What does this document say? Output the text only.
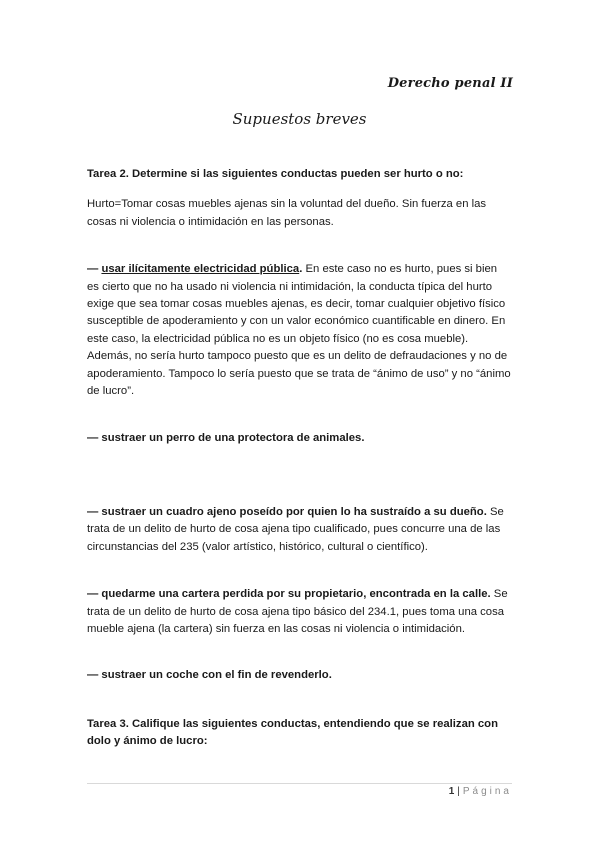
Derecho penal II
Supuestos breves

Tarea 2. Determine si las siguientes conductas pueden ser hurto o no:

Hurto=Tomar cosas muebles ajenas sin la voluntad del dueño. Sin fuerza en las cosas ni violencia o intimidación en las personas.

— usar ilícitamente electricidad pública. En este caso no es hurto, pues si bien es cierto que no ha usado ni violencia ni intimidación, la conducta típica del hurto exige que sea tomar cosas muebles ajenas, es decir, tomar cualquier objetivo físico susceptible de apoderamiento y con un valor económico cuantificable en dinero. En este caso, la electricidad pública no es un objeto físico (no es cosa mueble). Además, no sería hurto tampoco puesto que es un delito de defraudaciones y no de apoderamiento. Tampoco lo sería puesto que se trata de “ánimo de uso” y no “ánimo de lucro”.

— sustraer un perro de una protectora de animales.

— sustraer un cuadro ajeno poseído por quien lo ha sustraído a su dueño. Se trata de un delito de hurto de cosa ajena tipo cualificado, pues concurre una de las circunstancias del 235 (valor artístico, histórico, cultural o científico).

— quedarme una cartera perdida por su propietario, encontrada en la calle. Se trata de un delito de hurto de cosa ajena tipo básico del 234.1, pues toma una cosa mueble ajena (la cartera) sin fuerza en las cosas ni violencia o intimidación.

— sustraer un coche con el fin de revenderlo.

Tarea 3. Califique las siguientes conductas, entendiendo que se realizan con dolo y ánimo de lucro:

1 | Página
